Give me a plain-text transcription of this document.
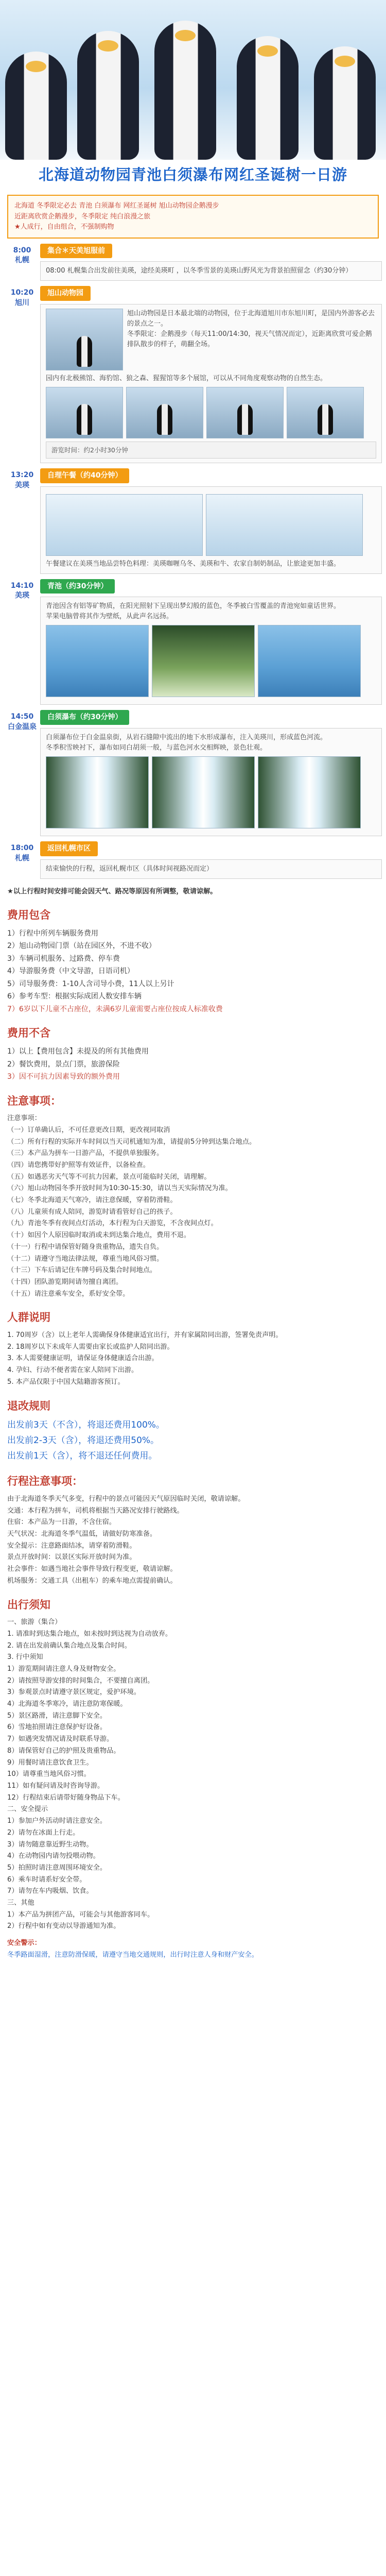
北海道动物园青池白须瀑布网红圣诞树一日游

北海道 冬季限定必去 青池 白须瀑布 网红圣诞树 旭山动物园企鹅漫步

近距离欣赏企鹅漫步，冬季限定 纯白浪漫之旅

★人成行，自由组合，不强制购物

8:00
札幌
集合＊天美旭服前
08:00 札幌集合出发前往美瑛，途经美瑛町 ，以冬季雪景的美瑛山野风光为背景拍照留念（约30分钟）
10:20
旭川
旭山动物园

旭山动物园是日本最北端的动物园，位于北海道旭川市东旭川町，是国内外游客必去的景点之一。

冬季限定：企鹅漫步（每天11:00/14:30，视天气情况而定），近距离欣赏可爱企鹅排队散步的样子，萌翻全场。

园内有北极熊馆、海豹馆、狼之森、猩猩馆等多个展馆，可以从不同角度观察动物的自然生态。

游览时间：约2小时30分钟
13:20
美瑛
自理午餐（约40分钟）

午餐建议在美瑛当地品尝特色料理：美瑛咖喱乌冬、美瑛和牛、农家自制奶制品，让旅途更加丰盛。

14:10
美瑛
青池（约30分钟）

青池因含有铝等矿物质，在阳光照射下呈现出梦幻般的蓝色，冬季被白雪覆盖的青池宛如童话世界。

苹果电脑曾将其作为壁纸，从此声名远扬。

14:50
白金温泉
白须瀑布（约30分钟）

白须瀑布位于白金温泉街，从岩石缝隙中流出的地下水形成瀑布，注入美瑛川，形成蓝色河流。

冬季积雪映衬下，瀑布如同白胡须一般，与蓝色河水交相辉映，景色壮观。

18:00
札幌
返回札幌市区
结束愉快的行程，返回札幌市区（具体时间视路况而定）

★以上行程时间安排可能会因天气、路况等原因有所调整，敬请谅解。

费用包含

1）行程中所列车辆服务费用

2）旭山动物园门票（站在园区外，不进不收）

3）车辆司机服务、过路费、停车费

4）导游服务费（中文导游，日语司机）

5）司导服务费：1-10人含司导小费，11人以上另计

6）参考车型：根据实际成团人数安排车辆

7）6岁以下儿童不占座位，未满6岁儿童需要占座位按成人标准收费

费用不含

1）以上【费用包含】未提及的所有其他费用

2）餐饮费用，景点门票，旅游保险

3）因不可抗力因素导致的额外费用

注意事项：

注意事项：

（一）订单确认后，不可任意更改日期，更改视同取消

（二）所有行程的实际开车时间以当天司机通知为准，请提前5分钟到达集合地点。

（三）本产品为拼车一日游产品，不提供单独服务。

（四）请您携带好护照等有效证件，以备检查。

（五）如遇恶劣天气等不可抗力因素，景点可能临时关闭，请理解。

（六）旭山动物园冬季开放时间为10:30-15:30，请以当天实际情况为准。

（七）冬季北海道天气寒冷，请注意保暖，穿着防滑鞋。

（八）儿童须有成人陪同，游览时请看管好自己的孩子。

（九）青池冬季有夜间点灯活动，本行程为白天游览，不含夜间点灯。

（十）如因个人原因临时取消或未到达集合地点，费用不退。

（十一）行程中请保管好随身贵重物品，遗失自负。

（十二）请遵守当地法律法规，尊重当地风俗习惯。

（十三）下车后请记住车牌号码及集合时间地点。

（十四）团队游览期间请勿擅自离团。

（十五）请注意乘车安全，系好安全带。

人群说明

1. 70周岁（含）以上老年人需确保身体健康适宜出行，并有家属陪同出游，签署免责声明。

2. 18周岁以下未成年人需要由家长或监护人陪同出游。

3. 本人需要健康证明，请保证身体健康适合出游。

4. 孕妇、行动不便者需在家人陪同下出游。

5. 本产品仅限于中国大陆籍游客预订。

退改规则

出发前3天（不含），将退还费用100%。

出发前2-3天（含），将退还费用50%。

出发前1天（含），将不退还任何费用。

行程注意事项：

由于北海道冬季天气多变，行程中的景点可能因天气原因临时关闭，敬请谅解。

交通：本行程为拼车，司机将根据当天路况安排行驶路线。

住宿：本产品为一日游，不含住宿。

天气状况：北海道冬季气温低，请做好防寒准备。

安全提示：注意路面结冰，请穿着防滑鞋。

景点开放时间：以景区实际开放时间为准。

社会事件：如遇当地社会事件导致行程变更，敬请谅解。

机场服务：交通工具（出租车）的乘车地点需提前确认。

出行须知

一、旅游（集合）

1. 请准时到达集合地点，如未按时到达视为自动放弃。

2. 请在出发前确认集合地点及集合时间。

3. 行中须知

1）游览期间请注意人身及财物安全。

2）请按照导游安排的时间集合，不要擅自离团。

3）参观景点时请遵守景区规定，爱护环境。

4）北海道冬季寒冷，请注意防寒保暖。

5）景区路滑，请注意脚下安全。

6）雪地拍照请注意保护好设备。

7）如遇突发情况请及时联系导游。

8）请保管好自己的护照及贵重物品。

9）用餐时请注意饮食卫生。

10）请尊重当地风俗习惯。

11）如有疑问请及时咨询导游。

12）行程结束后请带好随身物品下车。

二、安全提示

1）参加户外活动时请注意安全。

2）请勿在冰面上行走。

3）请勿随意靠近野生动物。

4）在动物园内请勿投喂动物。

5）拍照时请注意周围环境安全。

6）乘车时请系好安全带。

7）请勿在车内吸烟、饮食。

三、其他

1）本产品为拼团产品，可能会与其他游客同车。

2）行程中如有变动以导游通知为准。

安全警示：

冬季路面湿滑，注意防滑保暖，请遵守当地交通规则，出行时注意人身和财产安全。
